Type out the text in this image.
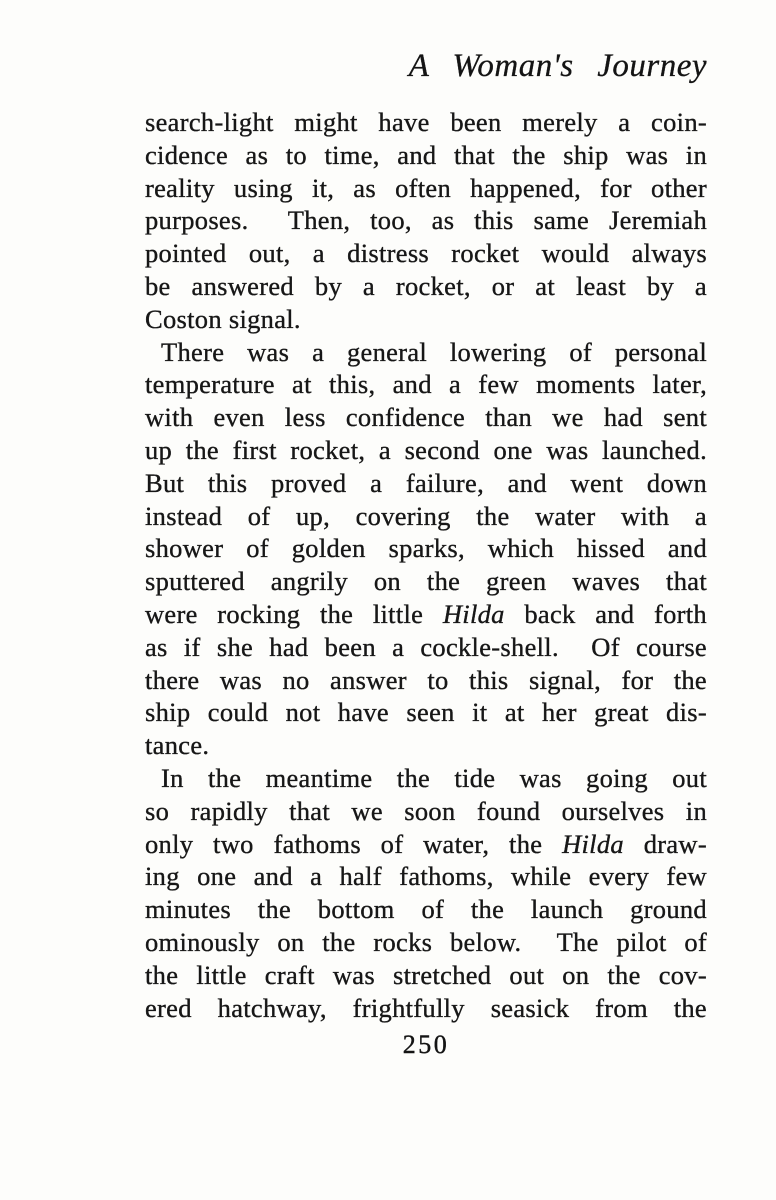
A Woman's Journey
search-light might have been merely a coin-
cidence as to time, and that the ship was in
reality using it, as often happened, for other
purposes.  Then, too, as this same Jeremiah
pointed out, a distress rocket would always
be answered by a rocket, or at least by a
Coston signal.
There was a general lowering of personal
temperature at this, and a few moments later,
with even less confidence than we had sent
up the first rocket, a second one was launched.
But this proved a failure, and went down
instead of up, covering the water with a
shower of golden sparks, which hissed and
sputtered angrily on the green waves that
were rocking the little Hilda back and forth
as if she had been a cockle-shell.  Of course
there was no answer to this signal, for the
ship could not have seen it at her great dis-
tance.
In the meantime the tide was going out
so rapidly that we soon found ourselves in
only two fathoms of water, the Hilda draw-
ing one and a half fathoms, while every few
minutes the bottom of the launch ground
ominously on the rocks below.  The pilot of
the little craft was stretched out on the cov-
ered hatchway, frightfully seasick from the
250
